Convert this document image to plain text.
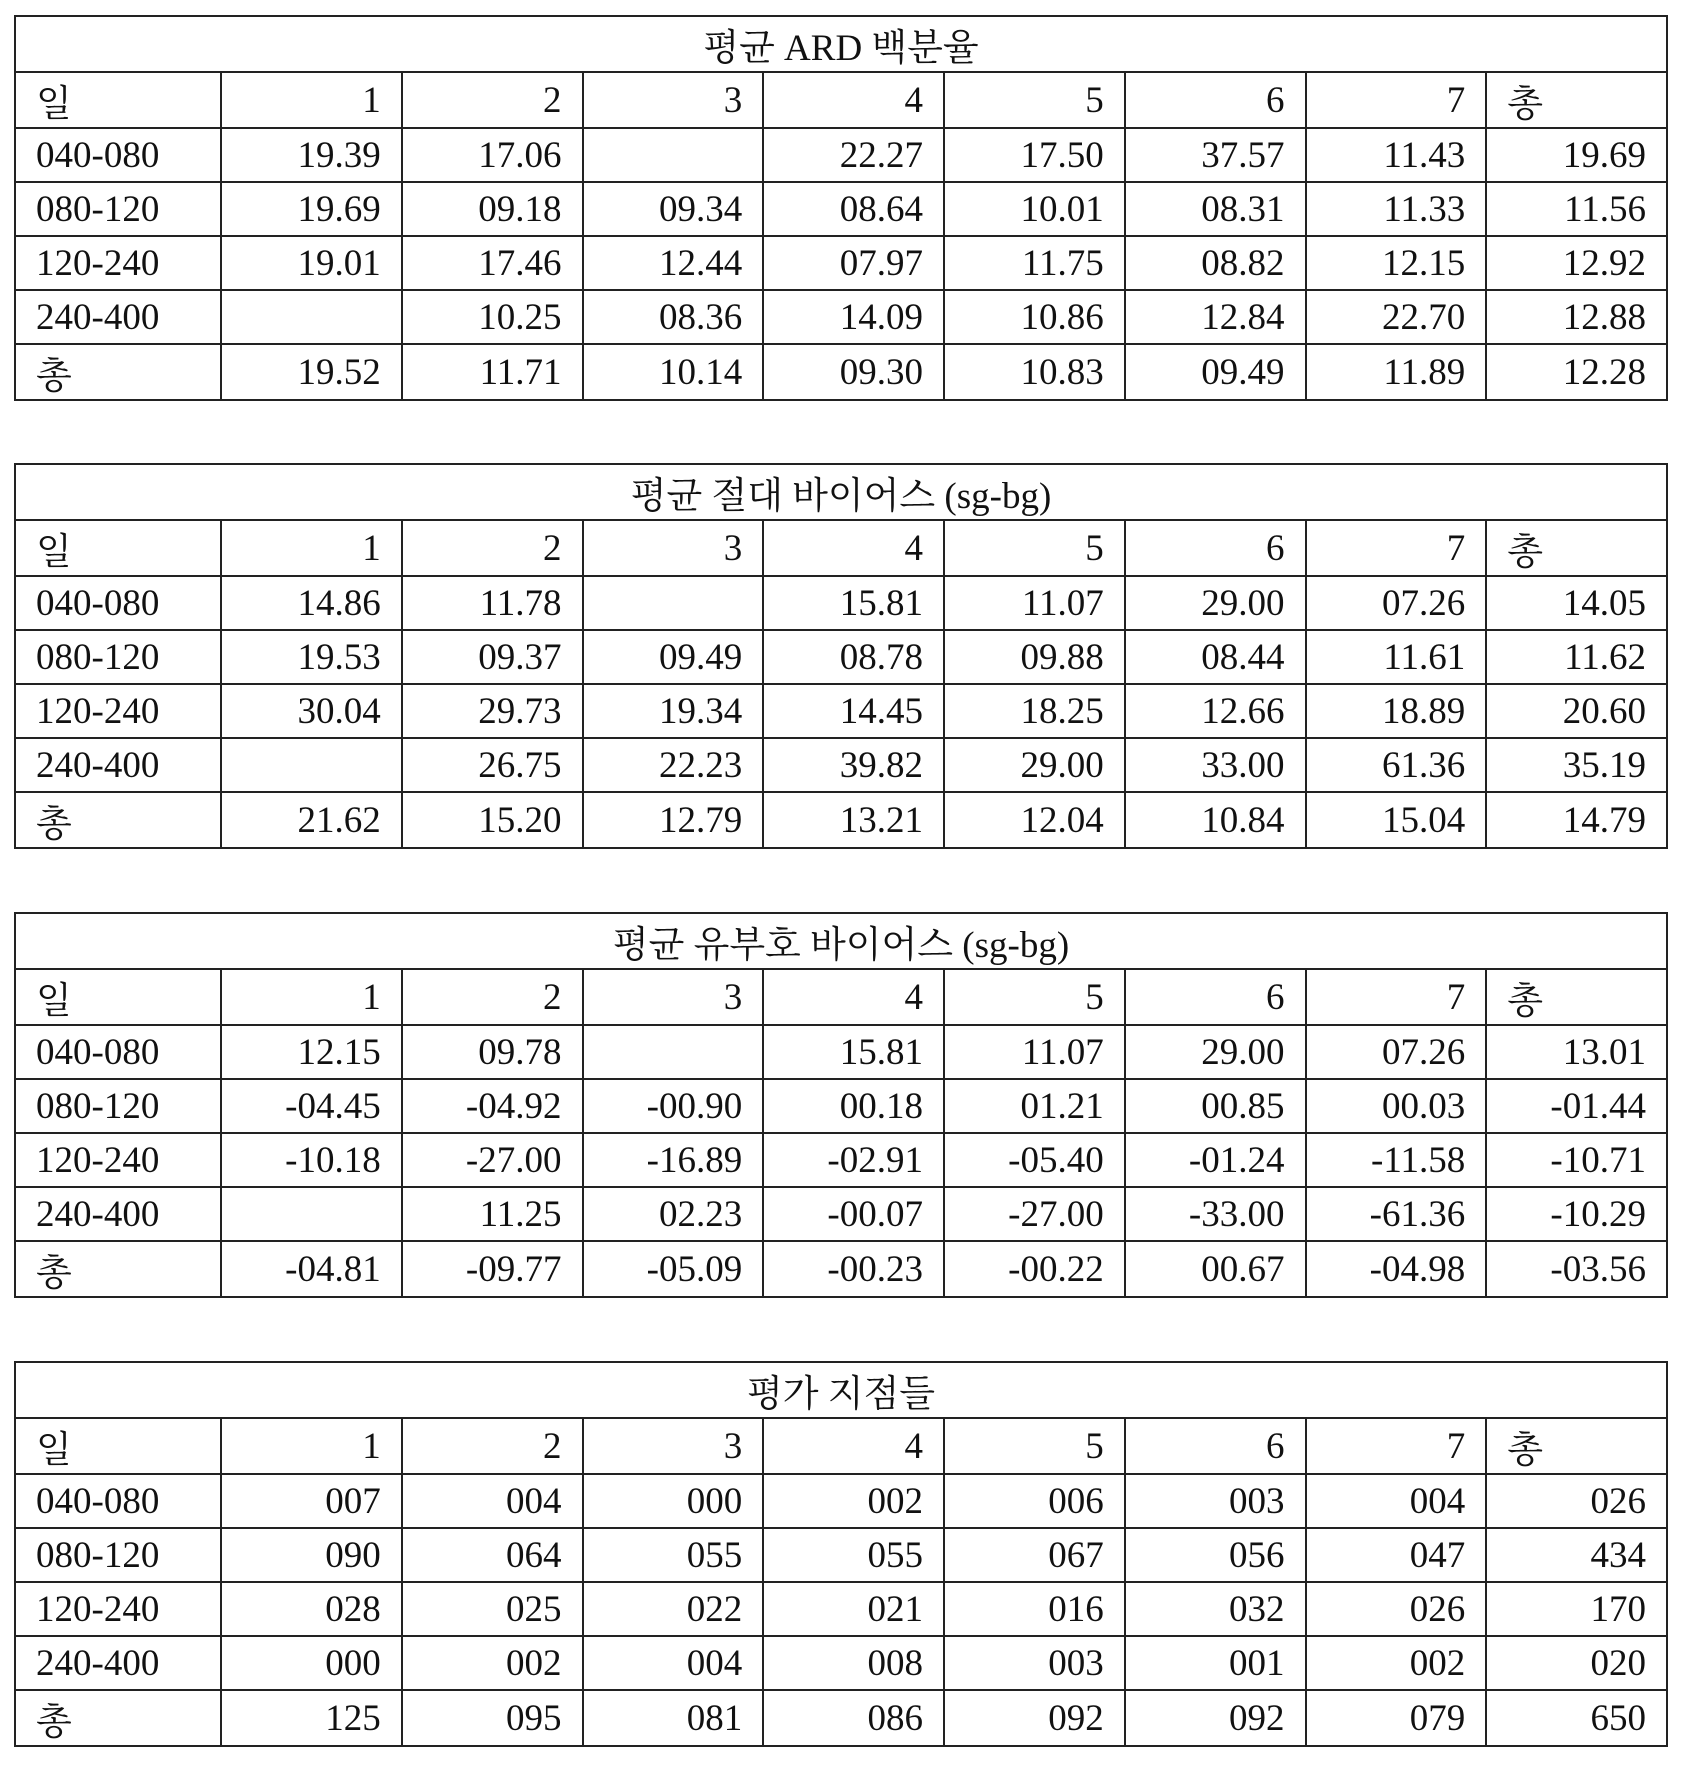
평균 ARD 백분율
일	1	2	3	4	5	6	7	총
040-080	19.39	17.06		22.27	17.50	37.57	11.43	19.69
080-120	19.69	09.18	09.34	08.64	10.01	08.31	11.33	11.56
120-240	19.01	17.46	12.44	07.97	11.75	08.82	12.15	12.92
240-400		10.25	08.36	14.09	10.86	12.84	22.70	12.88
총	19.52	11.71	10.14	09.30	10.83	09.49	11.89	12.28
평균 절대 바이어스 (sg-bg)
일	1	2	3	4	5	6	7	총
040-080	14.86	11.78		15.81	11.07	29.00	07.26	14.05
080-120	19.53	09.37	09.49	08.78	09.88	08.44	11.61	11.62
120-240	30.04	29.73	19.34	14.45	18.25	12.66	18.89	20.60
240-400		26.75	22.23	39.82	29.00	33.00	61.36	35.19
총	21.62	15.20	12.79	13.21	12.04	10.84	15.04	14.79
평균 유부호 바이어스 (sg-bg)
일	1	2	3	4	5	6	7	총
040-080	12.15	09.78		15.81	11.07	29.00	07.26	13.01
080-120	-04.45	-04.92	-00.90	00.18	01.21	00.85	00.03	-01.44
120-240	-10.18	-27.00	-16.89	-02.91	-05.40	-01.24	-11.58	-10.71
240-400		11.25	02.23	-00.07	-27.00	-33.00	-61.36	-10.29
총	-04.81	-09.77	-05.09	-00.23	-00.22	00.67	-04.98	-03.56
평가 지점들
일	1	2	3	4	5	6	7	총
040-080	007	004	000	002	006	003	004	026
080-120	090	064	055	055	067	056	047	434
120-240	028	025	022	021	016	032	026	170
240-400	000	002	004	008	003	001	002	020
총	125	095	081	086	092	092	079	650
